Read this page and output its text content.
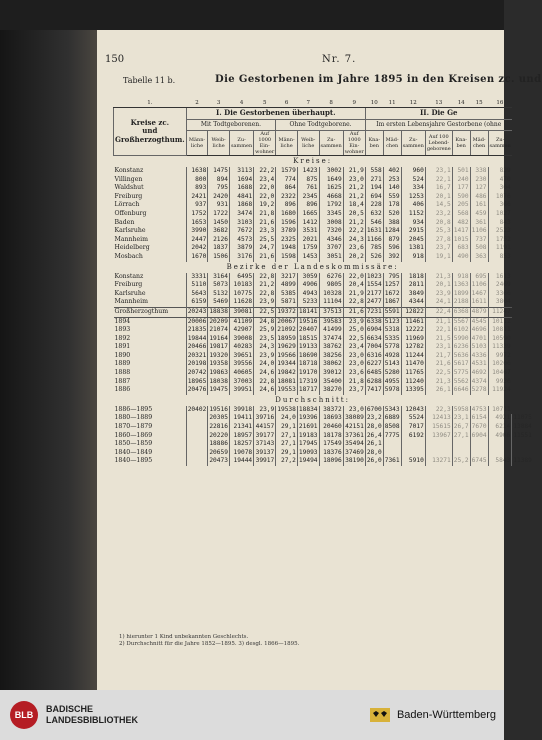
150	Nr. 7.
Tabelle 11 b.	Die Gestorbenen im Jahre 1895 in den Kreisen zc. und
1.	2	3	4	5	6	7	8	9	10	11	12	13	14	15	16	

Kreise zc.
und
Großherzogthum.	I. Die Gestorbenen überhaupt.								II. Die Ge							
	Mit Todtgeborenen.				Ohne Todtgeborene.				Im ersten Lebensjahre Gestorbene (ohne							
	Männ-liche	Weib-liche	Zu-sammen	Auf 1000 Ein-wohner	Männ-liche	Weib-liche	Zu-sammen	Auf 1000 Ein-wohner	Kna-ben	Mäd-chen	Zu-sammen	Auf 100 Lebend-geborene	Kna-ben	Mäd-chen	Zu-sammen	
Kreise:																
Konstanz	1638	1475	3113	22,2	1579	1423	3002	21,9	558	402	960	23,1	501	338	839	
Villingen	800	894	1694	23,4	774	875	1649	23,0	271	253	524	22,1	240	230	470	
Waldshut	893	795	1688	22,0	864	761	1625	21,2	194	140	334	16,7	177	127	304	
Freiburg	2421	2420	4841	22,0	2322	2345	4668	21,2	694	559	1253	20,1	590	486	1076	
Lörrach	937	931	1868	19,2	896	896	1792	18,4	228	178	406	14,5	205	161	366	
Offenburg	1752	1722	3474	21,8	1680	1665	3345	20,5	632	520	1152	23,2	568	459	1027	
Baden	1653	1450	3103	21,6	1596	1412	3008	21,2	546	388	934	20,8	482	361	843	
Karlsruhe	3990	3682	7672	23,3	3789	3531	7320	22,2	1631	1284	2915	25,3	1417	1106	2523	
Mannheim	2447	2126	4573	25,5	2325	2021	4346	24,3	1166	879	2045	27,8	1015	737	1752	
Heidelberg	2042	1837	3879	24,7	1948	1759	3707	23,6	785	596	1381	23,7	683	508	1191	
Mosbach	1670	1506	3176	21,6	1598	1453	3051	20,2	526	392	918	19,1	490	363	853	
Bezirke der Landeskommissäre:																
Konstanz	3331	3164	6495	22,8	3217	3059	6276	22,0	1023	795	1818	21,3	918	695	1613	
Freiburg	5110	5073	10183	21,2	4899	4906	9805	20,4	1554	1257	2811	20,1	1363	1106	2469	
Karlsruhe	5643	5132	10775	22,8	5385	4943	10328	21,9	2177	1672	3849	23,9	1899	1467	3366	
Mannheim	6159	5469	11628	23,9	5871	5233	11104	22,8	2477	1867	4344	24,1	2188	1611	3804	
Großherzogthum	20243	18838	39081	22,5	19372	18141	37513	21,6	7231	5591	12822	22,4	6368	4879	11247	
1894	20006	20209	41109	24,8	20067	19516	39583	23,9	6338	5123	11461	21,1	5567	4545	10112	
1893	21835	21074	42907	25,9	21092	20407	41499	25,0	6904	5318	12222	22,1	6102	4696	10811	
1892	19844	19164	39008	23,5	18959	18515	37474	22,5	6634	5335	11969	21,5	5990	4701	10590	
1891	20466	19817	40283	24,3	19629	19133	38762	23,4	7004	5778	12782	23,1	6236	5103	11339	
1890	20321	19320	39651	23,9	19566	18690	38256	23,0	6316	4928	11244	21,7	5636	4336	9972	
1889	20198	19358	39556	24,0	19344	18718	38062	23,0	6227	5143	11470	21,6	5617	4531	10206	
1888	20742	19863	40605	24,6	19842	19170	39012	23,6	6485	5280	11765	22,5	5775	4692	10467	
1887	18965	18038	37003	22,8	18081	17319	35400	21,8	6288	4955	11240	21,3	5562	4374	9936	
1886	20476	19475	39951	24,6	19553	18717	38270	23,7	7417	5978	13395	26,1	6646	5278	11924	
Durchschnitt:																
1886—1895	20402	19516	39918	23,9	19538	18834	38372	23,0	6700	5343	12043	22,3	5958	4753	10711	
1880—1889		20305	19411	39716	24,0	19396	18693	38089	23,2	6889	5524	12413	23,1	6154	4921	11075
1870—1879		22816	21341	44157	29,1	21691	20460	42151	28,0	8508	7017	15615	26,7	7670	6214	13884
1860—1869		20220	18957	39177	27,1	19183	18178	37361	26,4	7775	6192	13967	27,1	6904	4906	11551
1850—1859		18886	18257	37143	27,1	17945	17549	35494	26,1							
1840—1849		20659	19078	39137	29,1	19093	18376	37469	28,0							
1840—1895		20473	19444	39917	27,2	19494	18096	38190	26,0	7361	5910	13271	25,2	6745	5843	11389
1) hierunter 1 Kind unbekannten Geschlechts.
2) Durchschnitt für die Jahre 1852—1895. 3) desgl. 1866—1895.
BLB
BADISCHE
LANDESBIBLIOTHEK	Baden-Württemberg
